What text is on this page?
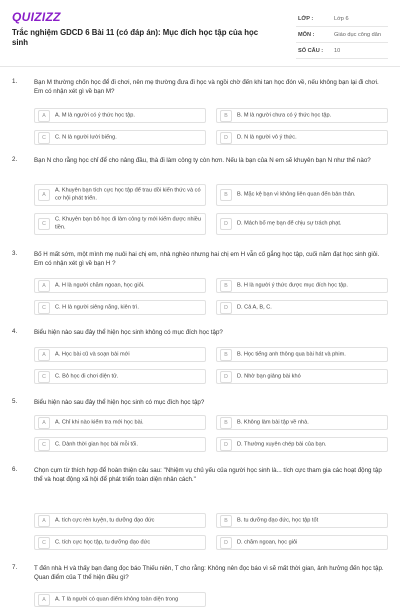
QUIZIZZ
Trắc nghiệm GDCD 6 Bài 11 (có đáp án): Mục đích học tập của học sinh
LỚP :	Lớp 6
MÔN :	Giáo dục công dân
SỐ CÂU : 10
1.	Bạn M thường chốn học để đi chơi, nên mẹ thường đưa đi học và ngồi chờ đến khi tan học đón về, nếu không bạn lại đi chơi. Em có nhận xét gì về bạn M?
A	A. M là người có ý thức học tập.	B	B. M là người chưa có ý thức học tập.
C	C. N là người lười biếng.	D	D. N là người vô ý thức.
2.	Bạn N cho rằng học chỉ để cho nâng đầu, thà đi làm công ty còn hơn. Nếu là bạn của N em sẽ khuyên bạn N như thế nào?
A
A. Khuyên bạn tích cực học tập để trau dồi kiến thức và có cơ hội phát triển.	B	B. Mặc kệ bạn vì không liên quan đến bản thân.
C
C. Khuyên bạn bỏ học đi làm công ty mới kiếm được nhiều tiền.	D	D. Mách bố mẹ bạn để chịu sự trách phạt.
3.	Bố H mất sớm, một mình mẹ nuôi hai chị em, nhà nghèo nhưng hai chị em H vẫn cố gắng học tập, cuối năm đạt học sinh giỏi. Em có nhận xét gì về bạn H ?
A	A. H là người chăm ngoan, học giỏi.	B	B. H là người ý thức được mục đích học tập.
C	C. H là người siêng năng, kiên trì.	D	D. Cả A, B, C.
4.	Biểu hiện nào sau đây thể hiện học sinh không có mục đích học tập?
A	A. Học bài cũ và soạn bài mới	B	B. Học tiếng anh thông qua bài hát và phim.
C	C. Bỏ học đi chơi điện tử.	D	D. Nhờ bạn giảng bài khó
5.	Biểu hiện nào sau đây thể hiện học sinh có mục đích học tập?
A	A. Chỉ khi nào kiểm tra mới học bài.	B	B. Không làm bài tập về nhà.
C	C. Dành thời gian học bài mỗi tối.	D	D. Thường xuyên chép bài của bạn.
6.	Chọn cụm từ thích hợp để hoàn thiện câu sau: "Nhiệm vụ chủ yếu của người học sinh là... tích cực tham gia các hoạt động tập thể và hoạt động xã hội để phát triển toàn diện nhân cách."
A	A. tích cực rèn luyện, tu dưỡng đạo đức	B	B. tu dưỡng đạo đức, học tập tốt
C	C. tích cực học tập, tu dưỡng đạo đức	D	D. chăm ngoan, học giỏi
7.	T đến nhà H và thấy bạn đang đọc báo Thiếu niên, T cho rằng: Không nên đọc báo vì sẽ mất thời gian, ảnh hưởng đến học tập. Quan điểm của T thể hiện điều gì?
A	A. T là người có quan điểm không toàn diện trong
